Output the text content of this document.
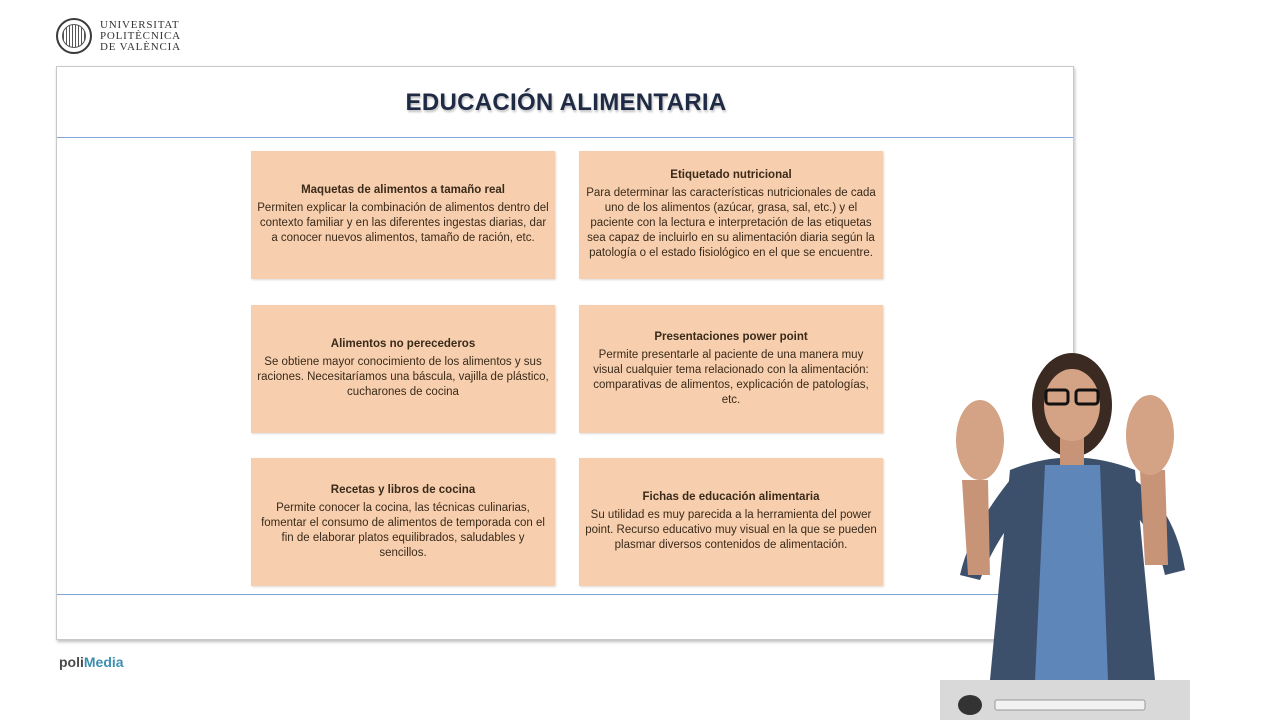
UNIVERSITAT
POLITÈCNICA
DE VALÈNCIA
EDUCACIÓN ALIMENTARIA
Maquetas de alimentos a tamaño real
Permiten explicar la combinación de alimentos dentro del contexto familiar y en las diferentes ingestas diarias, dar a conocer nuevos alimentos, tamaño de ración, etc.
Etiquetado nutricional
Para determinar las características nutricionales de cada uno de los alimentos (azúcar, grasa, sal, etc.) y el paciente con la lectura e interpretación de las etiquetas sea capaz de incluirlo en su alimentación diaria según la patología o el estado fisiológico en el que se encuentre.
Alimentos no perecederos
Se obtiene mayor conocimiento de los alimentos y sus raciones. Necesitaríamos una báscula, vajilla de plástico, cucharones de cocina
Presentaciones power point
Permite presentarle al paciente de una manera muy visual cualquier tema relacionado con la alimentación: comparativas de alimentos, explicación de patologías, etc.
Recetas y libros de cocina
Permite conocer la cocina, las técnicas culinarias, fomentar el consumo de alimentos de temporada con el fin de elaborar platos equilibrados, saludables y sencillos.
Fichas de educación alimentaria
Su utilidad es muy parecida a la herramienta del power point. Recurso educativo muy visual en la que se pueden plasmar diversos contenidos de alimentación.
poliMedia
